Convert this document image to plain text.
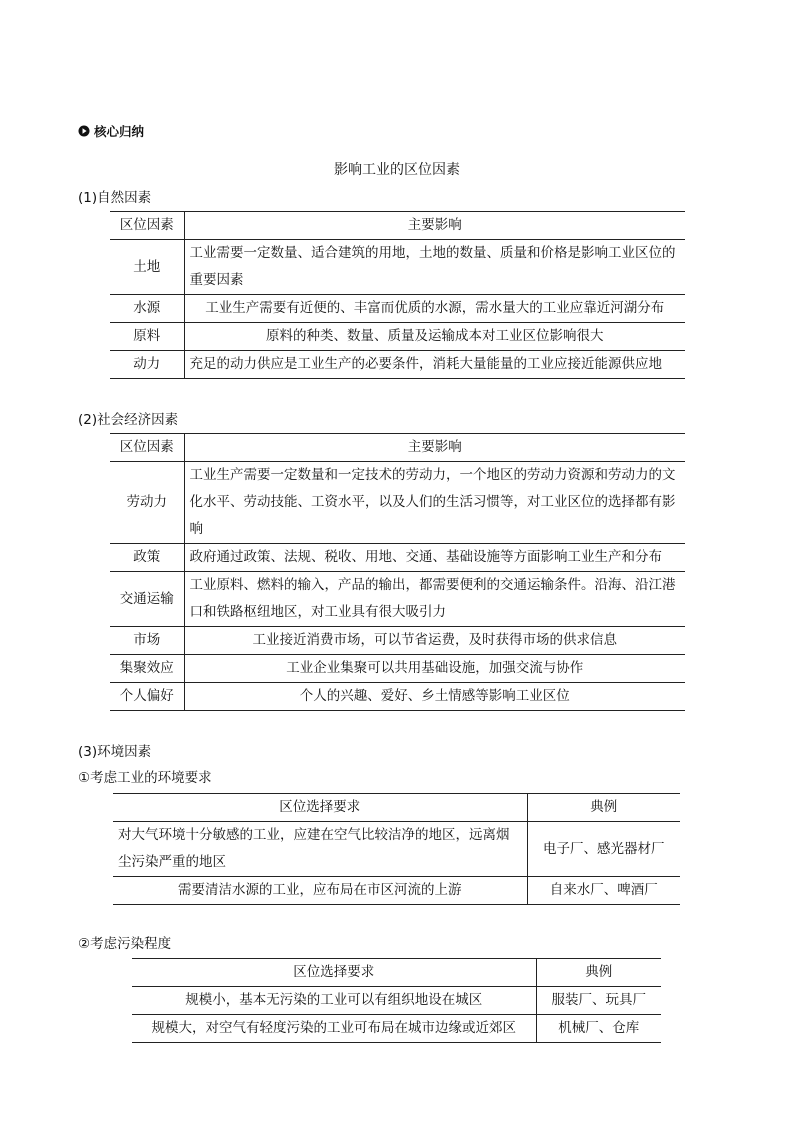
核心归纳
影响工业的区位因素
(1)自然因素
区位因素	主要影响
土地	工业需要一定数量、适合建筑的用地，土地的数量、质量和价格是影响工业区位的重要因素
水源	工业生产需要有近便的、丰富而优质的水源，需水量大的工业应靠近河湖分布
原料	原料的种类、数量、质量及运输成本对工业区位影响很大
动力	充足的动力供应是工业生产的必要条件，消耗大量能量的工业应接近能源供应地
(2)社会经济因素
区位因素	主要影响
劳动力	工业生产需要一定数量和一定技术的劳动力，一个地区的劳动力资源和劳动力的文化水平、劳动技能、工资水平，以及人们的生活习惯等，对工业区位的选择都有影响
政策	政府通过政策、法规、税收、用地、交通、基础设施等方面影响工业生产和分布
交通运输	工业原料、燃料的输入，产品的输出，都需要便利的交通运输条件。沿海、沿江港口和铁路枢纽地区，对工业具有很大吸引力
市场	工业接近消费市场，可以节省运费，及时获得市场的供求信息
集聚效应	工业企业集聚可以共用基础设施，加强交流与协作
个人偏好	个人的兴趣、爱好、乡土情感等影响工业区位
(3)环境因素
①考虑工业的环境要求
区位选择要求	典例
对大气环境十分敏感的工业，应建在空气比较洁净的地区，远离烟尘污染严重的地区	电子厂、感光器材厂
需要清洁水源的工业，应布局在市区河流的上游	自来水厂、啤酒厂
②考虑污染程度
区位选择要求	典例
规模小，基本无污染的工业可以有组织地设在城区	服装厂、玩具厂
规模大，对空气有轻度污染的工业可布局在城市边缘或近郊区	机械厂、仓库
